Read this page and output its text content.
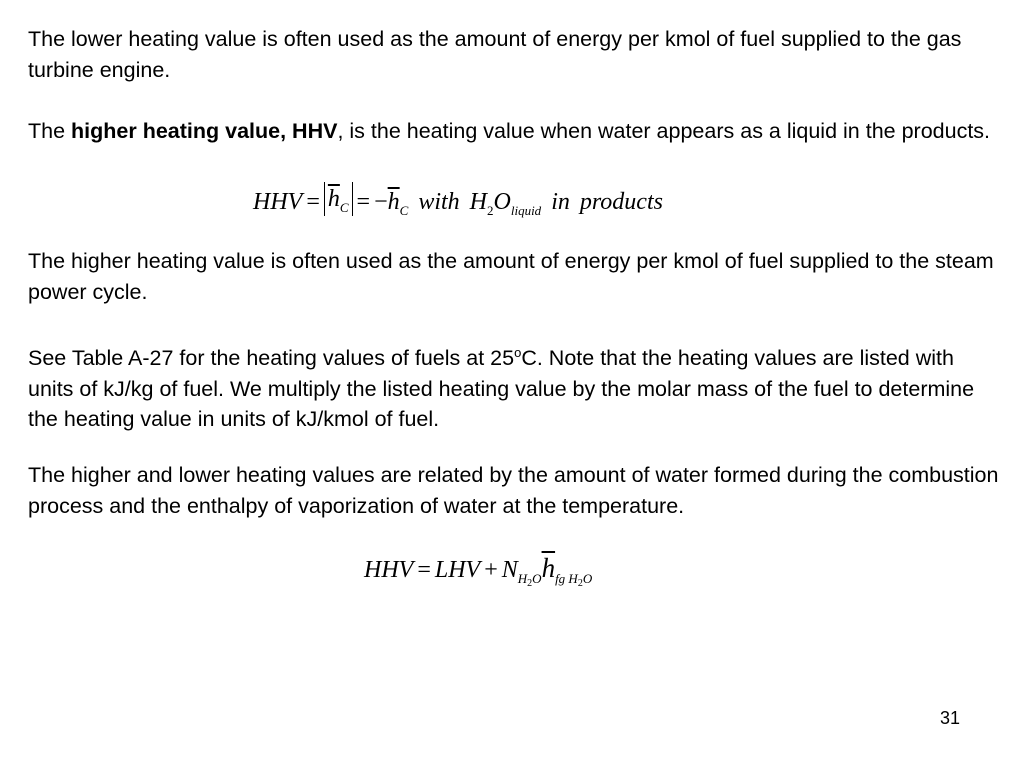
The lower heating value is often used as the amount of energy per kmol of fuel supplied to the gas turbine engine.

The higher heating value, HHV, is the heating value when water appears as a liquid in the products.

HHV = $\overline{h}_C = -\overline{h}_C$ with $H_2O_{liquid}$ in products

The higher heating value is often used as the amount of energy per kmol of fuel supplied to the steam power cycle.

See Table A-27 for the heating values of fuels at 25$^o$C. Note that the heating values are listed with units of kJ/kg of fuel. We multiply the listed heating value by the molar mass of the fuel to determine the heating value in units of kJ/kmol of fuel.

The higher and lower heating values are related by the amount of water formed during the combustion process and the enthalpy of vaporization of water at the temperature.

HHV = LHV + $N_{H2O}\overline{h}_{fg H2O}$
31
